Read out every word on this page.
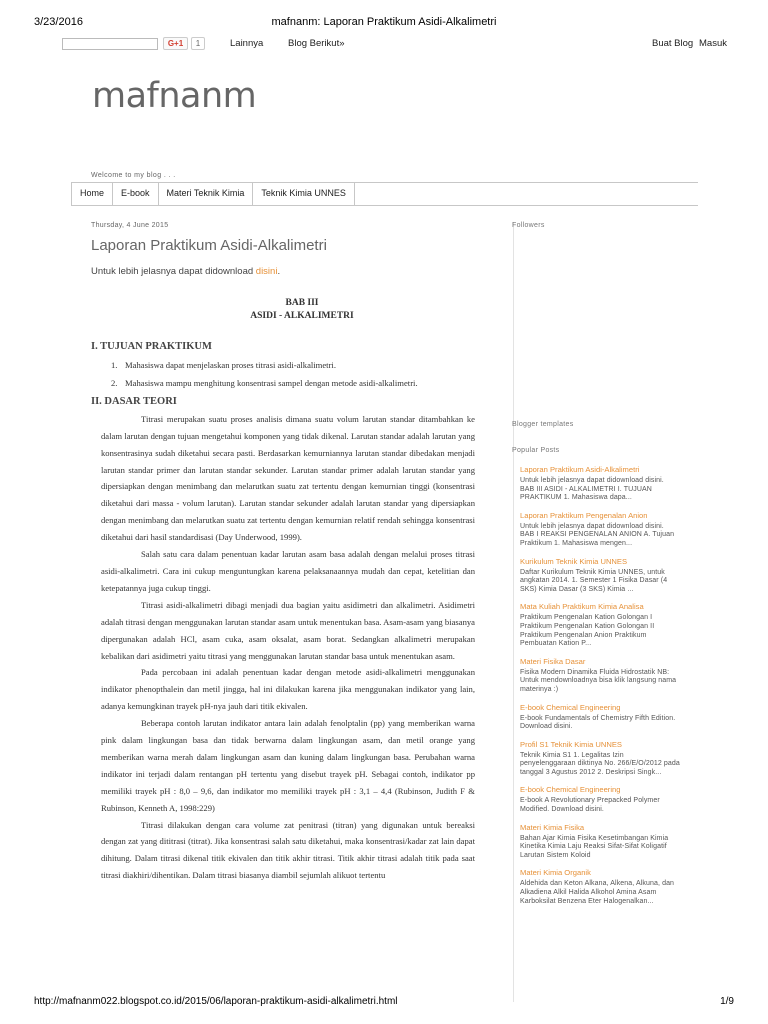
3/23/2016	mafnanm: Laporan Praktikum Asidi-Alkalimetri
G+1	1	Lainnya	Blog Berikut»	Buat Blog Masuk
mafnanm
Welcome to my blog . . .
Home	E-book	Materi Teknik Kimia	Teknik Kimia UNNES
Thursday, 4 June 2015
Laporan Praktikum Asidi-Alkalimetri
Untuk lebih jelasnya dapat didownload disini.
BAB III
ASIDI - ALKALIMETRI
I. TUJUAN PRAKTIKUM
1. Mahasiswa dapat menjelaskan proses titrasi asidi-alkalimetri.
2. Mahasiswa mampu menghitung konsentrasi sampel dengan metode asidi-alkalimetri.
II. DASAR TEORI

Titrasi merupakan suatu proses analisis dimana suatu volum larutan standar ditambahkan ke dalam larutan dengan tujuan mengetahui komponen yang tidak dikenal. Larutan standar adalah larutan yang konsentrasinya sudah diketahui secara pasti. Berdasarkan kemurniannya larutan standar dibedakan menjadi larutan standar primer dan larutan standar sekunder. Larutan standar primer adalah larutan standar yang dipersiapkan dengan menimbang dan melarutkan suatu zat tertentu dengan kemurnian tinggi (konsentrasi diketahui dari massa - volum larutan). Larutan standar sekunder adalah larutan standar yang dipersiapkan dengan menimbang dan melarutkan suatu zat tertentu dengan kemurnian relatif rendah sehingga konsentrasi diketahui dari hasil standardisasi (Day Underwood, 1999).

Salah satu cara dalam penentuan kadar larutan asam basa adalah dengan melalui proses titrasi asidi-alkalimetri. Cara ini cukup menguntungkan karena pelaksanaannya mudah dan cepat, ketelitian dan ketepatannya juga cukup tinggi.

Titrasi asidi-alkalimetri dibagi menjadi dua bagian yaitu asidimetri dan alkalimetri. Asidimetri adalah titrasi dengan menggunakan larutan standar asam untuk menentukan basa. Asam-asam yang biasanya dipergunakan adalah HCl, asam cuka, asam oksalat, asam borat. Sedangkan alkalimetri merupakan kebalikan dari asidimetri yaitu titrasi yang menggunakan larutan standar basa untuk menentukan asam.

Pada percobaan ini adalah penentuan kadar dengan metode asidi-alkalimetri menggunakan indikator phenopthalein dan metil jingga, hal ini dilakukan karena jika menggunakan indikator yang lain, adanya kemungkinan trayek pH-nya jauh dari titik ekivalen.

Beberapa contoh larutan indikator antara lain adalah fenolptalin (pp) yang memberikan warna pink dalam lingkungan basa dan tidak berwarna dalam lingkungan asam, dan metil orange yang memberikan warna merah dalam lingkungan asam dan kuning dalam lingkungan basa. Perubahan warna indikator ini terjadi dalam rentangan pH tertentu yang disebut trayek pH. Sebagai contoh, indikator pp memiliki trayek pH : 8,0 – 9,6, dan indikator mo memiliki trayek pH : 3,1 – 4,4 (Rubinson, Judith F & Rubinson, Kenneth A, 1998:229)

Titrasi dilakukan dengan cara volume zat penitrasi (titran) yang digunakan untuk bereaksi dengan zat yang dititrasi (titrat). Jika konsentrasi salah satu diketahui, maka konsentrasi/kadar zat lain dapat dihitung. Dalam titrasi dikenal titik ekivalen dan titik akhir titrasi. Titik akhir titrasi adalah titik pada saat titrasi diakhiri/dihentikan. Dalam titrasi biasanya diambil sejumlah alikuot tertentu

Followers
Blogger templates
Popular Posts
Laporan Praktikum Asidi-Alkalimetri
Untuk lebih jelasnya dapat didownload disini. BAB III ASIDI - ALKALIMETRI I. TUJUAN PRAKTIKUM 1. Mahasiswa dapa...
Laporan Praktikum Pengenalan Anion
Untuk lebih jelasnya dapat didownload disini. BAB I REAKSI PENGENALAN ANION A. Tujuan Praktikum 1. Mahasiswa mengen...
Kurikulum Teknik Kimia UNNES
Daftar Kurikulum Teknik Kimia UNNES, untuk angkatan 2014. 1. Semester 1 Fisika Dasar (4 SKS) Kimia Dasar (3 SKS) Kimia ...
Mata Kuliah Praktikum Kimia Analisa
Praktikum Pengenalan Kation Golongan I Praktikum Pengenalan Kation Golongan II Praktikum Pengenalan Anion Praktikum Pembuatan Kation P...
Materi Fisika Dasar
Fisika Modern Dinamika Fluida Hidrostatik NB: Untuk mendownloadnya bisa klik langsung nama materinya :)
E-book Chemical Engineering
E-book Fundamentals of Chemistry Fifth Edition. Download disini.
Profil S1 Teknik Kimia UNNES
Teknik Kimia S1 1. Legalitas Izin penyelenggaraan diktinya No. 266/E/O/2012 pada tanggal 3 Agustus 2012 2. Deskripsi Singk...
E-book Chemical Engineering
E-book A Revolutionary Prepacked Polymer Modified. Download disini.
Materi Kimia Fisika
Bahan Ajar Kimia Fisika Kesetimbangan Kimia Kinetika Kimia Laju Reaksi Sifat-Sifat Koligatif Larutan Sistem Koloid
Materi Kimia Organik
Aldehida dan Keton Alkana, Alkena, Alkuna, dan Alkadiena Alkil Halida Alkohol Amina Asam Karboksilat Benzena Eter Halogenalkan...
http://mafnanm022.blogspot.co.id/2015/06/laporan-praktikum-asidi-alkalimetri.html	1/9
